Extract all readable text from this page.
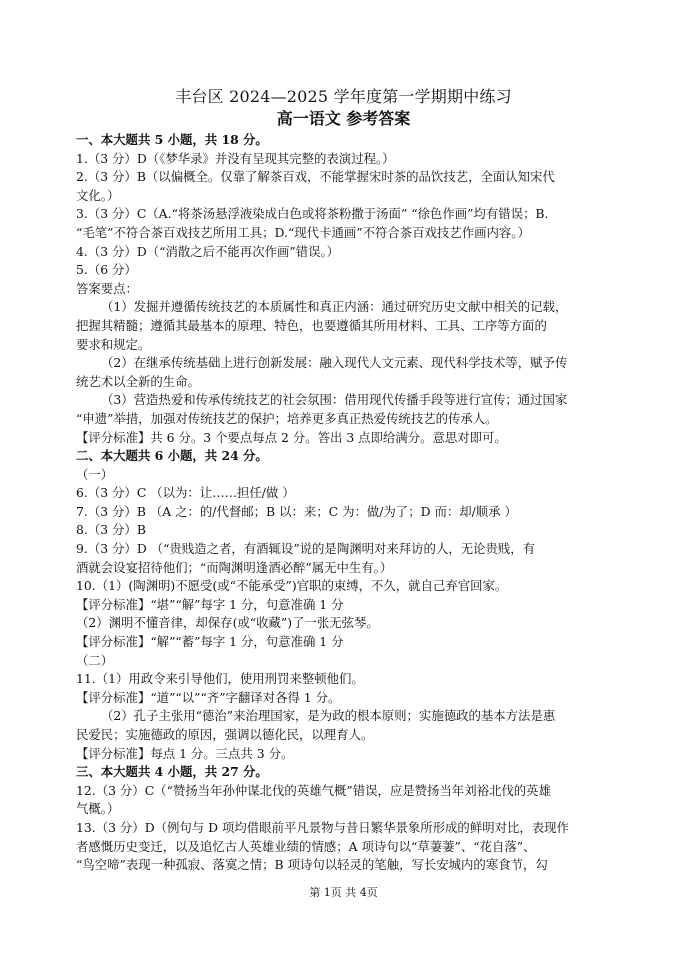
丰台区 2024—2025 学年度第一学期期中练习
高一语文 参考答案
一、本大题共 5 小题，共 18 分。
1.（3 分）D（《梦华录》并没有呈现其完整的表演过程。）
2.（3 分）B（以偏概全。仅靠了解茶百戏，不能掌握宋时茶的品饮技艺，全面认知宋代
文化。）
3.（3 分）C（A.“将茶汤悬浮液染成白色或将茶粉撒于汤面” “徐色作画”均有错误；B.
“毛笔”不符合茶百戏技艺所用工具；D.“现代卡通画”不符合茶百戏技艺作画内容。）
4.（3 分）D（“消散之后不能再次作画”错误。）
5.（6 分）
答案要点：
（1）发掘并遵循传统技艺的本质属性和真正内涵：通过研究历史文献中相关的记载，
把握其精髓；遵循其最基本的原理、特色，也要遵循其所用材料、工具、工序等方面的
要求和规定。
（2）在继承传统基础上进行创新发展：融入现代人文元素、现代科学技术等，赋予传
统艺术以全新的生命。
（3）营造热爱和传承传统技艺的社会氛围：借用现代传播手段等进行宣传；通过国家
“申遗”举措，加强对传统技艺的保护；培养更多真正热爱传统技艺的传承人。
【评分标准】共 6 分。3 个要点每点 2 分。答出 3 点即给满分。意思对即可。
二、本大题共 6 小题，共 24 分。
（一）
6.（3 分）C （以为：让……担任/做 ）
7.（3 分）B （A 之：的/代督邮；B 以：来；C 为：做/为了；D 而：却/顺承 ）
8.（3 分）B
9.（3 分）D （“贵贱造之者，有酒辄设”说的是陶渊明对来拜访的人，无论贵贱，有
酒就会设宴招待他们；“而陶渊明逢酒必醉”属无中生有。）
10.（1）(陶渊明)不愿受(或“不能承受”)官职的束缚，不久，就自己弃官回家。
【评分标准】“堪”“解”每字 1 分，句意准确 1 分
（2）渊明不懂音律，却保存(或“收藏”)了一张无弦琴。
【评分标准】“解”“蓄”每字 1 分，句意准确 1 分
（二）
11.（1）用政令来引导他们，使用刑罚来整顿他们。
【评分标准】“道”“以”“齐”字翻译对各得 1 分。
（2）孔子主张用“德治”来治理国家，是为政的根本原则；实施德政的基本方法是惠
民爱民；实施德政的原因，强调以德化民，以理育人。
【评分标准】每点 1 分。三点共 3 分。
三、本大题共 4 小题，共 27 分。
12.（3 分）C（“赞扬当年孙仲谋北伐的英雄气概”错误，应是赞扬当年刘裕北伐的英雄
气概。）
13.（3 分）D（例句与 D 项均借眼前平凡景物与昔日繁华景象所形成的鲜明对比，表现作
者感慨历史变迁，以及追忆古人英雄业绩的情感；A 项诗句以“草萋萋”、“花自落”、
“鸟空啼”表现一种孤寂、落寞之情；B 项诗句以轻灵的笔触，写长安城内的寒食节，勾
第 1页 共 4页
